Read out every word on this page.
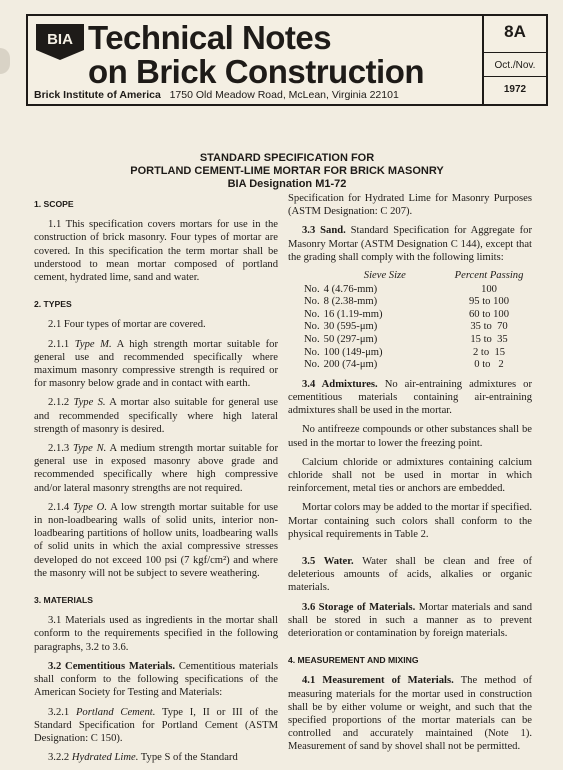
BIA Technical Notes
on Brick Construction
Brick Institute of America 1750 Old Meadow Road, McLean, Virginia 22101
8A
Oct./Nov.
1972
STANDARD SPECIFICATION FOR
PORTLAND CEMENT-LIME MORTAR FOR BRICK MASONRY
BIA Designation M1-72
1. SCOPE

1.1 This specification covers mortars for use in the construction of brick masonry. Four types of mortar are covered. In this specification the term mortar shall be understood to mean mortar composed of portland cement, hydrated lime, sand and water.

2. TYPES

2.1 Four types of mortar are covered.

2.1.1 Type M. A high strength mortar suitable for general use and recommended specifically where maximum masonry compressive strength is required or for masonry below grade and in contact with earth.

2.1.2 Type S. A mortar also suitable for general use and recommended specifically where high lateral strength of masonry is desired.

2.1.3 Type N. A medium strength mortar suitable for general use in exposed masonry above grade and recommended specifically where high compressive and/or lateral masonry strengths are not required.

2.1.4 Type O. A low strength mortar suitable for use in non-loadbearing walls of solid units, interior non-loadbearing partitions of hollow units, loadbearing walls of solid units in which the axial compressive stresses developed do not exceed 100 psi (7 kgf/cm²) and where the masonry will not be subject to severe weathering.

3. MATERIALS

3.1 Materials used as ingredients in the mortar shall conform to the requirements specified in the following paragraphs, 3.2 to 3.6.

3.2 Cementitious Materials. Cementitious materials shall conform to the following specifications of the American Society for Testing and Materials:

3.2.1 Portland Cement. Type I, II or III of the Standard Specification for Portland Cement (ASTM Designation: C 150).

3.2.2 Hydrated Lime. Type S of the Standard

Specification for Hydrated Lime for Masonry Purposes (ASTM Designation: C 207).

3.3 Sand. Standard Specification for Aggregate for Masonry Mortar (ASTM Designation C 144), except that the grading shall comply with the following limits:

	Sieve Size	Percent Passing
No.	4 (4.76-mm)	100
No.	8 (2.38-mm)	95 to 100
No.	16 (1.19-mm)	60 to 100
No.	30 (595-μm)	35 to  70
No.	50 (297-μm)	15 to  35
No.	100 (149-μm)	2 to  15
No.	200 (74-μm)	0 to   2

3.4 Admixtures. No air-entraining admixtures or cementitious materials containing air-entraining admixtures shall be used in the mortar.

No antifreeze compounds or other substances shall be used in the mortar to lower the freezing point.

Calcium chloride or admixtures containing calcium chloride shall not be used in mortar in which reinforcement, metal ties or anchors are embedded.

Mortar colors may be added to the mortar if specified. Mortar containing such colors shall conform to the physical requirements in Table 2.

3.5 Water. Water shall be clean and free of deleterious amounts of acids, alkalies or organic materials.

3.6 Storage of Materials. Mortar materials and sand shall be stored in such a manner as to prevent deterioration or contamination by foreign materials.

4. MEASUREMENT AND MIXING

4.1 Measurement of Materials. The method of measuring materials for the mortar used in construction shall be by either volume or weight, and such that the specified proportions of the mortar materials can be controlled and accurately maintained (Note 1). Measurement of sand by shovel shall not be permitted.
